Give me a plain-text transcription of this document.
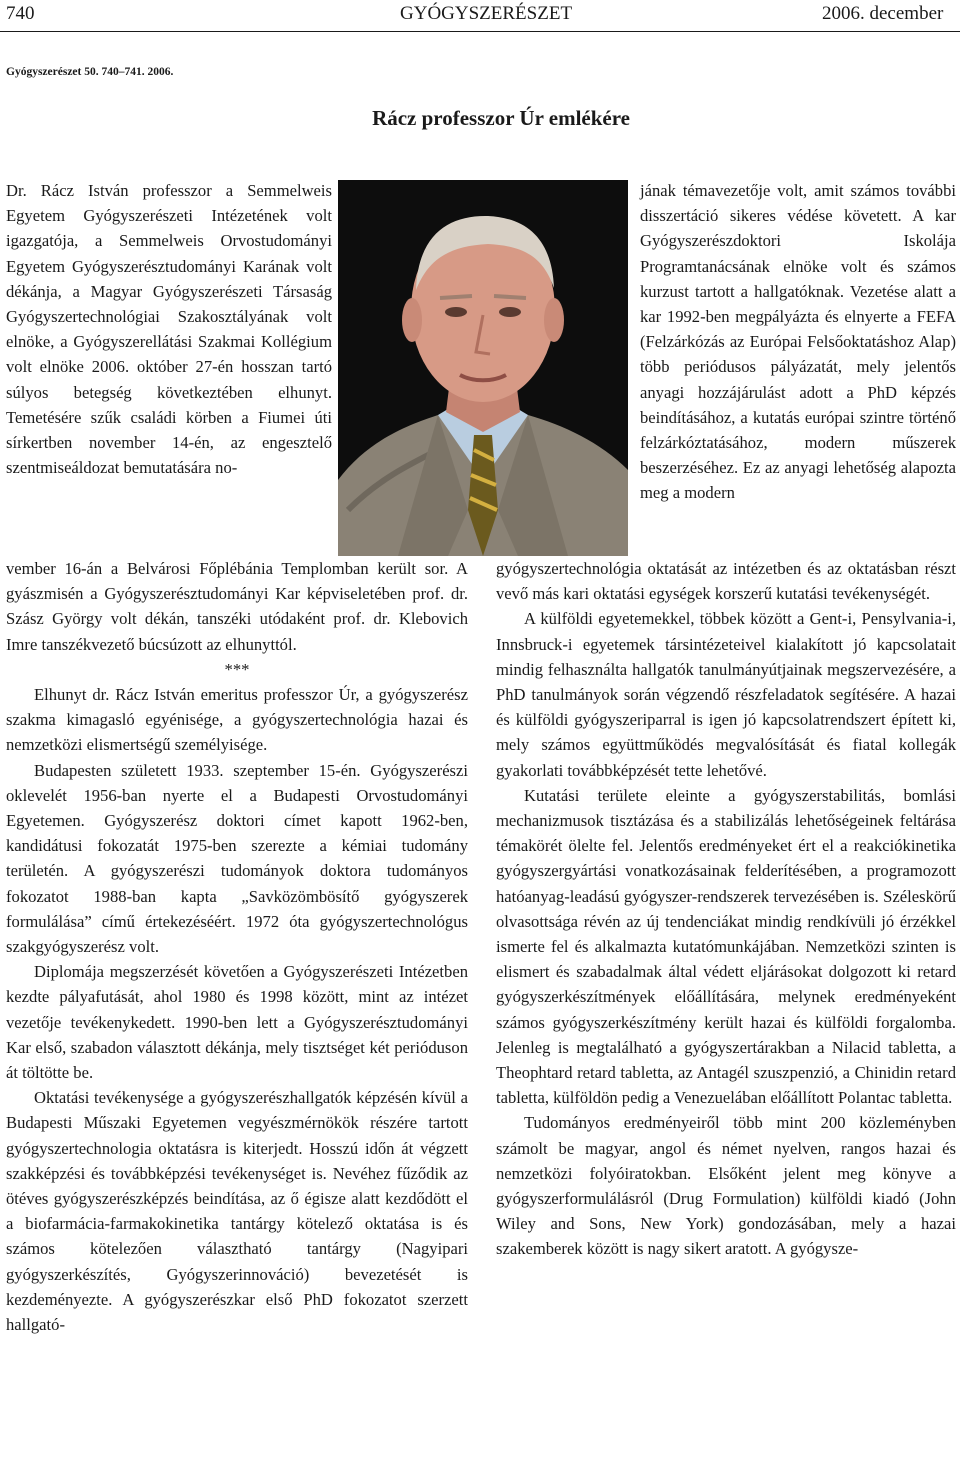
740	GYÓGYSZERÉSZET	2006. december
Gyógyszerészet 50. 740–741. 2006.
Rácz professzor Úr emlékére

Dr. Rácz István professzor a Semmelweis Egyetem Gyógyszerészeti Intézetének volt igazgatója, a Semmelweis Orvostudományi Egyetem Gyógyszerésztudományi Karának volt dékánja, a Magyar Gyógyszerészeti Társaság Gyógyszertechnológiai Szakosztályának volt elnöke, a Gyógyszerellátási Szakmai Kollégium volt elnöke 2006. október 27-én hosszan tartó súlyos betegség következtében elhunyt. Temetésére szűk családi körben a Fiumei úti sírkertben november 14-én, az engesztelő szentmiseáldozat bemutatására no-

jának témavezetője volt, amit számos további disszertáció sikeres védése követett. A kar Gyógyszerészdoktori Iskolája Programtanácsának elnöke volt és számos kurzust tartott a hallgatóknak. Vezetése alatt a kar 1992-ben megpályázta és elnyerte a FEFA (Felzárkózás az Európai Felsőoktatáshoz Alap) több periódusos pályázatát, mely jelentős anyagi hozzájárulást adott a PhD képzés beindításához, a kutatás európai szintre történő felzárkóztatásához, modern műszerek beszerzéséhez. Ez az anyagi lehetőség alapozta meg a modern

vember 16-án a Belvárosi Főplébánia Templomban került sor. A gyászmisén a Gyógyszerésztudományi Kar képviseletében prof. dr. Szász György volt dékán, tanszéki utódaként prof. dr. Klebovich Imre tanszékvezető búcsúzott az elhunyttól.

***

Elhunyt dr. Rácz István emeritus professzor Úr, a gyógyszerész szakma kimagasló egyénisége, a gyógyszertechnológia hazai és nemzetközi elismertségű személyisége.

Budapesten született 1933. szeptember 15-én. Gyógyszerészi oklevelét 1956-ban nyerte el a Budapesti Orvostudományi Egyetemen. Gyógyszerész doktori címet kapott 1962-ben, kandidátusi fokozatát 1975-ben szerezte a kémiai tudomány területén. A gyógyszerészi tudományok doktora tudományos fokozatot 1988-ban kapta „Savközömbösítő gyógyszerek formulálása” című értekezéséért. 1972 óta gyógyszertechnológus szakgyógyszerész volt.

Diplomája megszerzését követően a Gyógyszerészeti Intézetben kezdte pályafutását, ahol 1980 és 1998 között, mint az intézet vezetője tevékenykedett. 1990-ben lett a Gyógyszerésztudományi Kar első, szabadon választott dékánja, mely tisztséget két perióduson át töltötte be.

Oktatási tevékenysége a gyógyszerészhallgatók képzésén kívül a Budapesti Műszaki Egyetemen vegyészmérnökök részére tartott gyógyszertechnologia oktatásra is kiterjedt. Hosszú időn át végzett szakképzési és továbbképzési tevékenységet is. Nevéhez fűződik az ötéves gyógyszerészképzés beindítása, az ő égisze alatt kezdődött el a biofarmácia-farmakokinetika tantárgy kötelező oktatása is és számos kötelezően választható tantárgy (Nagyipari gyógyszerkészítés, Gyógyszerinnováció) bevezetését is kezdeményezte. A gyógyszerészkar első PhD fokozatot szerzett hallgató-

gyógyszertechnológia oktatását az intézetben és az oktatásban részt vevő más kari oktatási egységek korszerű kutatási tevékenységét.

A külföldi egyetemekkel, többek között a Gent-i, Pensylvania-i, Innsbruck-i egyetemek társintézeteivel kialakított jó kapcsolatait mindig felhasználta hallgatók tanulmányútjainak megszervezésére, a PhD tanulmányok során végzendő részfeladatok segítésére. A hazai és külföldi gyógyszeriparral is igen jó kapcsolatrendszert épített ki, mely számos együttműködés megvalósítását és fiatal kollegák gyakorlati továbbképzését tette lehetővé.

Kutatási területe eleinte a gyógyszerstabilitás, bomlási mechanizmusok tisztázása és a stabilizálás lehetőségeinek feltárása témakörét ölelte fel. Jelentős eredményeket ért el a reakciókinetika gyógyszergyártási vonatkozásainak felderítésében, a programozott hatóanyag-leadású gyógyszer-rendszerek tervezésében is. Széleskörű olvasottsága révén az új tendenciákat mindig rendkívüli jó érzékkel ismerte fel és alkalmazta kutatómunkájában. Nemzetközi szinten is elismert és szabadalmak által védett eljárásokat dolgozott ki retard gyógyszerkészítmények előállítására, melynek eredményeként számos gyógyszerkészítmény került hazai és külföldi forgalomba. Jelenleg is megtalálható a gyógyszertárakban a Nilacid tabletta, a Theophtard retard tabletta, az Antagél szuszpenzió, a Chinidin retard tabletta, külföldön pedig a Venezuelában előállított Polantac tabletta.

Tudományos eredményeiről több mint 200 közleményben számolt be magyar, angol és német nyelven, rangos hazai és nemzetközi folyóiratokban. Elsőként jelent meg könyve a gyógyszerformulálásról (Drug Formulation) külföldi kiadó (John Wiley and Sons, New York) gondozásában, mely a hazai szakemberek között is nagy sikert aratott. A gyógysze-
